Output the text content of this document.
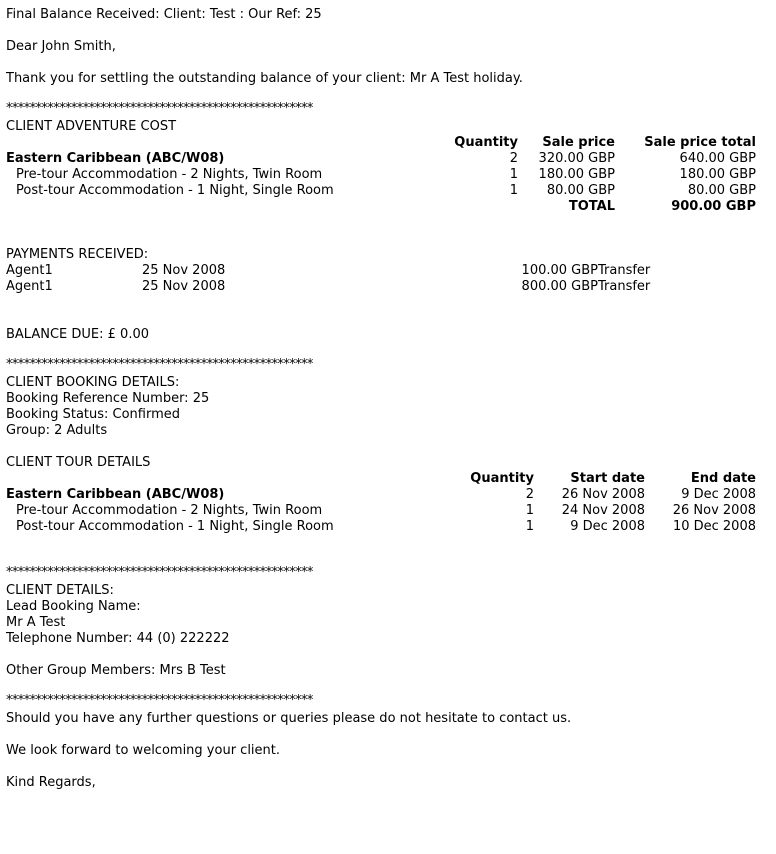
Final Balance Received: Client: Test : Our Ref: 25
Dear John Smith,
Thank you for settling the outstanding balance of your client: Mr A Test holiday.
****************************************************
CLIENT ADVENTURE COST
Quantity Sale price Sale price total
Eastern Caribbean (ABC/W08)	2 320.00 GBP	640.00 GBP
Pre-tour Accommodation - 2 Nights, Twin Room	1 180.00 GBP	180.00 GBP
Post-tour Accommodation - 1 Night, Single Room	1 80.00 GBP	80.00 GBP
TOTAL	900.00 GBP
PAYMENTS RECEIVED:
Agent1	25 Nov 2008	100.00 GBP Transfer
Agent1	25 Nov 2008	800.00 GBP Transfer
BALANCE DUE: £ 0.00
****************************************************
CLIENT BOOKING DETAILS:
Booking Reference Number: 25
Booking Status: Confirmed
Group: 2 Adults
CLIENT TOUR DETAILS
Quantity	Start date	End date
Eastern Caribbean (ABC/W08)	2 26 Nov 2008	9 Dec 2008
Pre-tour Accommodation - 2 Nights, Twin Room	1 24 Nov 2008 26 Nov 2008
Post-tour Accommodation - 1 Night, Single Room	1	9 Dec 2008 10 Dec 2008
****************************************************
CLIENT DETAILS:
Lead Booking Name:
Mr A Test
Telephone Number: 44 (0) 222222
Other Group Members: Mrs B Test
****************************************************
Should you have any further questions or queries please do not hesitate to contact us.
We look forward to welcoming your client.
Kind Regards,
